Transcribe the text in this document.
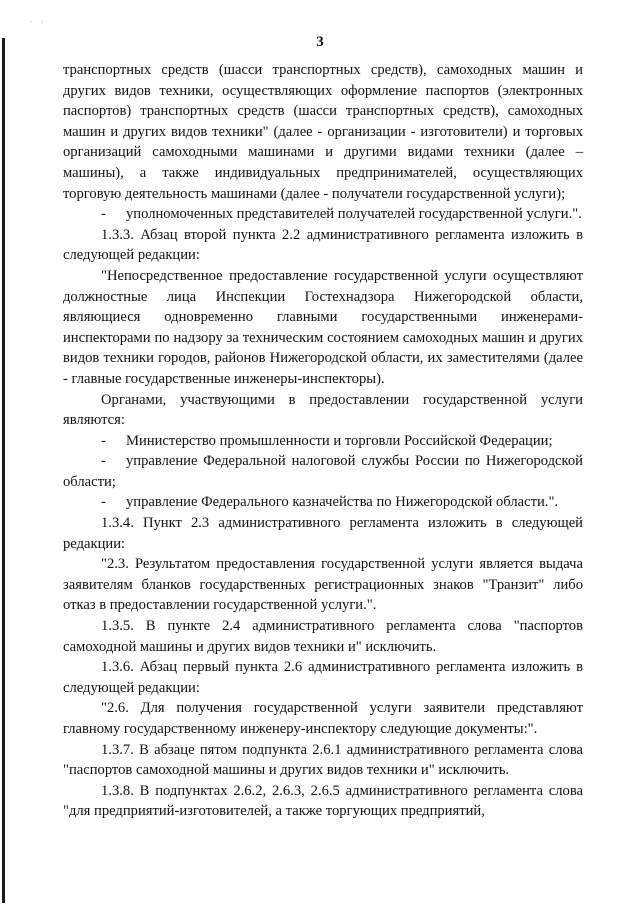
·    ·
3

транспортных средств (шасси транспортных средств), самоходных машин и других видов техники, осуществляющих оформление паспортов (электронных паспортов) транспортных средств (шасси транспортных средств), самоходных машин и других видов техники" (далее - организации - изготовители) и торговых организаций самоходными машинами и другими видами техники (далее – машины), а также индивидуальных предпринимателей, осуществляющих торговую деятельность машинами (далее - получатели государственной услуги);

- уполномоченных представителей получателей государственной услуги.".

1.3.3. Абзац второй пункта 2.2 административного регламента изложить в следующей редакции:

"Непосредственное предоставление государственной услуги осуществляют должностные лица Инспекции Гостехнадзора Нижегородской области, являющиеся одновременно главными государственными инженерами-инспекторами по надзору за техническим состоянием самоходных машин и других видов техники городов, районов Нижегородской области, их заместителями (далее - главные государственные инженеры-инспекторы).

Органами, участвующими в предоставлении государственной услуги являются:

- Министерство промышленности и торговли Российской Федерации;

- управление Федеральной налоговой службы России по Нижегородской области;

- управление Федерального казначейства по Нижегородской области.".

1.3.4. Пункт 2.3 административного регламента изложить в следующей редакции:

"2.3. Результатом предоставления государственной услуги является выдача заявителям бланков государственных регистрационных знаков "Транзит" либо отказ в предоставлении государственной услуги.".

1.3.5. В пункте 2.4 административного регламента слова "паспортов самоходной машины и других видов техники и" исключить.

1.3.6. Абзац первый пункта 2.6 административного регламента изложить в следующей редакции:

"2.6. Для получения государственной услуги заявители представляют главному государственному инженеру-инспектору следующие документы:".

1.3.7. В абзаце пятом подпункта 2.6.1 административного регламента слова "паспортов самоходной машины и других видов техники и" исключить.

1.3.8. В подпунктах 2.6.2, 2.6.3, 2.6.5 административного регламента слова "для предприятий-изготовителей, а также торгующих предприятий,
